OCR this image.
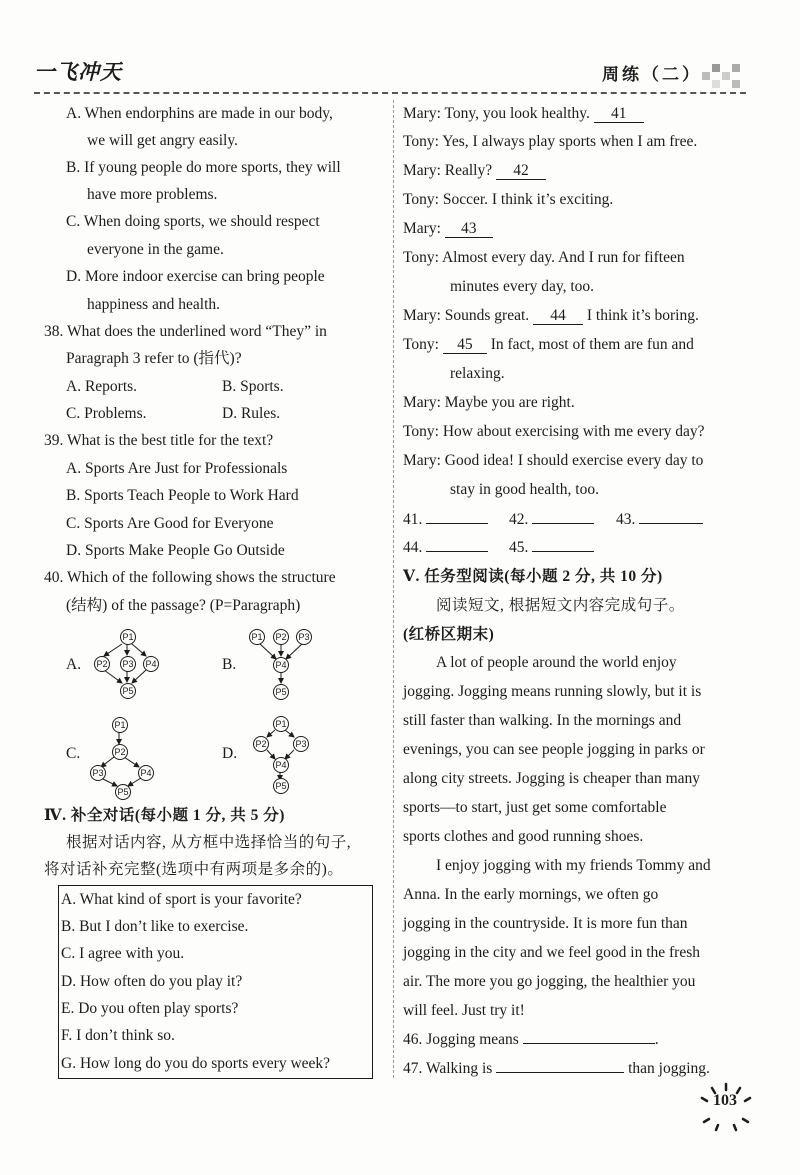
一飞冲天	周练（二）
A. When endorphins are made in our body,
we will get angry easily.
B. If young people do more sports, they will
have more problems.
C. When doing sports, we should respect
everyone in the game.
D. More indoor exercise can bring people
happiness and health.
38. What does the underlined word “They” in
Paragraph 3 refer to (指代)?
A. Reports.	B. Sports.
C. Problems.	D. Rules.
39. What is the best title for the text?
A. Sports Are Just for Professionals
B. Sports Teach People to Work Hard
C. Sports Are Good for Everyone
D. Sports Make People Go Outside
40. Which of the following shows the structure
(结构) of the passage? (P=Paragraph)
A.	B.
C.	D.
P1
P2 P3 P4
P5
P1 P2 P3
P4
P5
P1
P2
P3	P4
P5
P1
P2	P3
P4
P5
Ⅳ. 补全对话(每小题 1 分, 共 5 分)
根据对话内容, 从方框中选择恰当的句子,
将对话补充完整(选项中有两项是多余的)。
A. What kind of sport is your favorite?
B. But I don’t like to exercise.
C. I agree with you.
D. How often do you play it?
E. Do you often play sports?
F. I don’t think so.
G. How long do you do sports every week?
Mary: Tony, you look healthy. 41
Tony: Yes, I always play sports when I am free.
Mary: Really? 42
Tony: Soccer. I think it’s exciting.
Mary: 43
Tony: Almost every day. And I run for fifteen
minutes every day, too.
Mary: Sounds great. 44 I think it’s boring.
Tony: 45 In fact, most of them are fun and
relaxing.
Mary: Maybe you are right.
Tony: How about exercising with me every day?
Mary: Good idea! I should exercise every day to
stay in good health, too.
41.	42.	43.
44.	45.
Ⅴ. 任务型阅读(每小题 2 分, 共 10 分)
阅读短文, 根据短文内容完成句子。
(红桥区期末)
A lot of people around the world enjoy
jogging. Jogging means running slowly, but it is
still faster than walking. In the mornings and
evenings, you can see people jogging in parks or
along city streets. Jogging is cheaper than many
sports—to start, just get some comfortable
sports clothes and good running shoes.
I enjoy jogging with my friends Tommy and
Anna. In the early mornings, we often go
jogging in the countryside. It is more fun than
jogging in the city and we feel good in the fresh
air. The more you go jogging, the healthier you
will feel. Just try it!
46. Jogging means	.
47. Walking is	than jogging.
103
